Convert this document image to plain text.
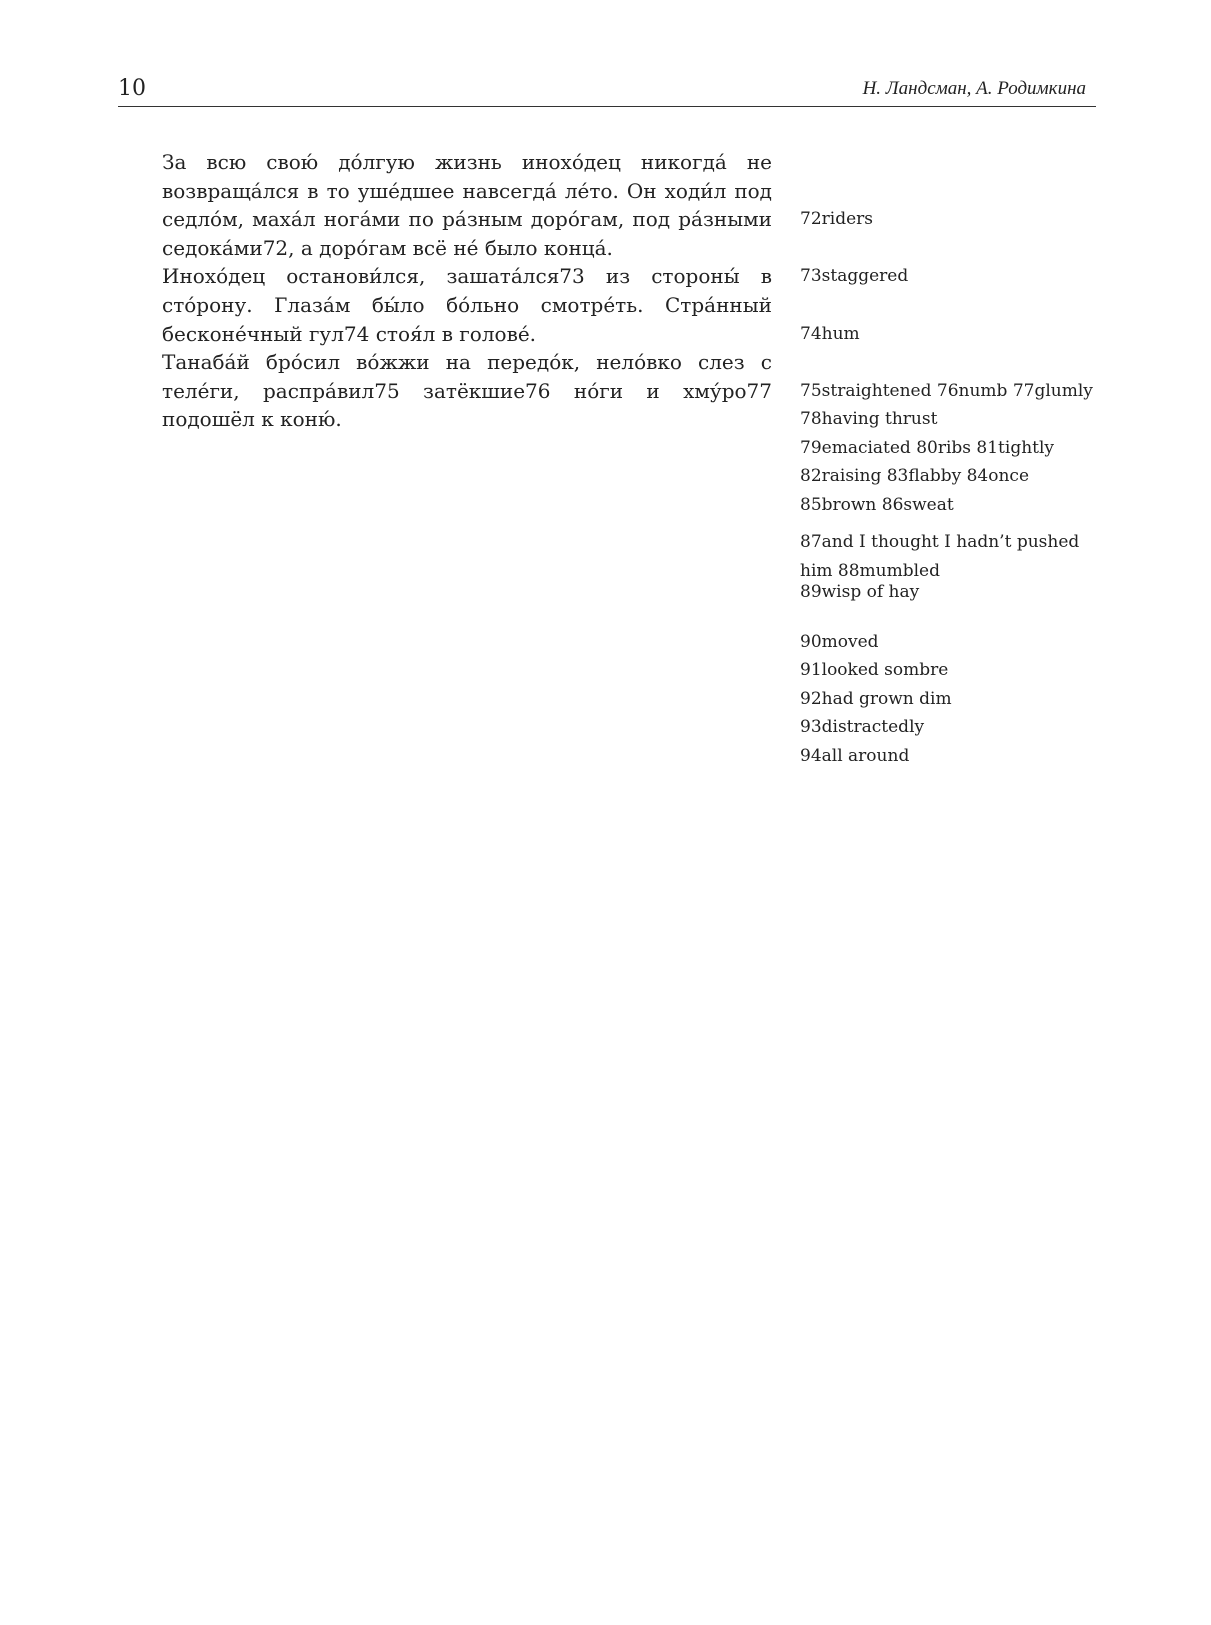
10	Н. Ландсман, А. Родимкина

За всю свою́ до́лгую жизнь инохо́дец никогда́ не возвраща́лся в то уше́дшее навсегда́ ле́то. Он ходи́л под седло́м, маха́л нога́ми по ра́зным доро́гам, под ра́зными седока́ми72, а доро́гам всё не́ было конца́.

Инохо́дец останови́лся, зашата́лся73 из стороны́ в сто́рону. Глаза́м бы́ло бо́льно смотре́ть. Стра́нный бесконе́чный гул74 стоя́л в голове́.

Танаба́й бро́сил во́жжи на передо́к, нело́вко слез с теле́ги, распра́вил75 затёкшие76 но́ги и хму́ро77 подошёл к коню́.

72riders
73staggered
74hum
75straightened 76numb 77glumly
78having thrust
79emaciated 80ribs 81tightly
82raising 83flabby 84once
85brown 86sweat
87and I thought I hadn’t pushed him 88mumbled
89wisp of hay
90moved
91looked sombre
92had grown dim
93distractedly
94all around
